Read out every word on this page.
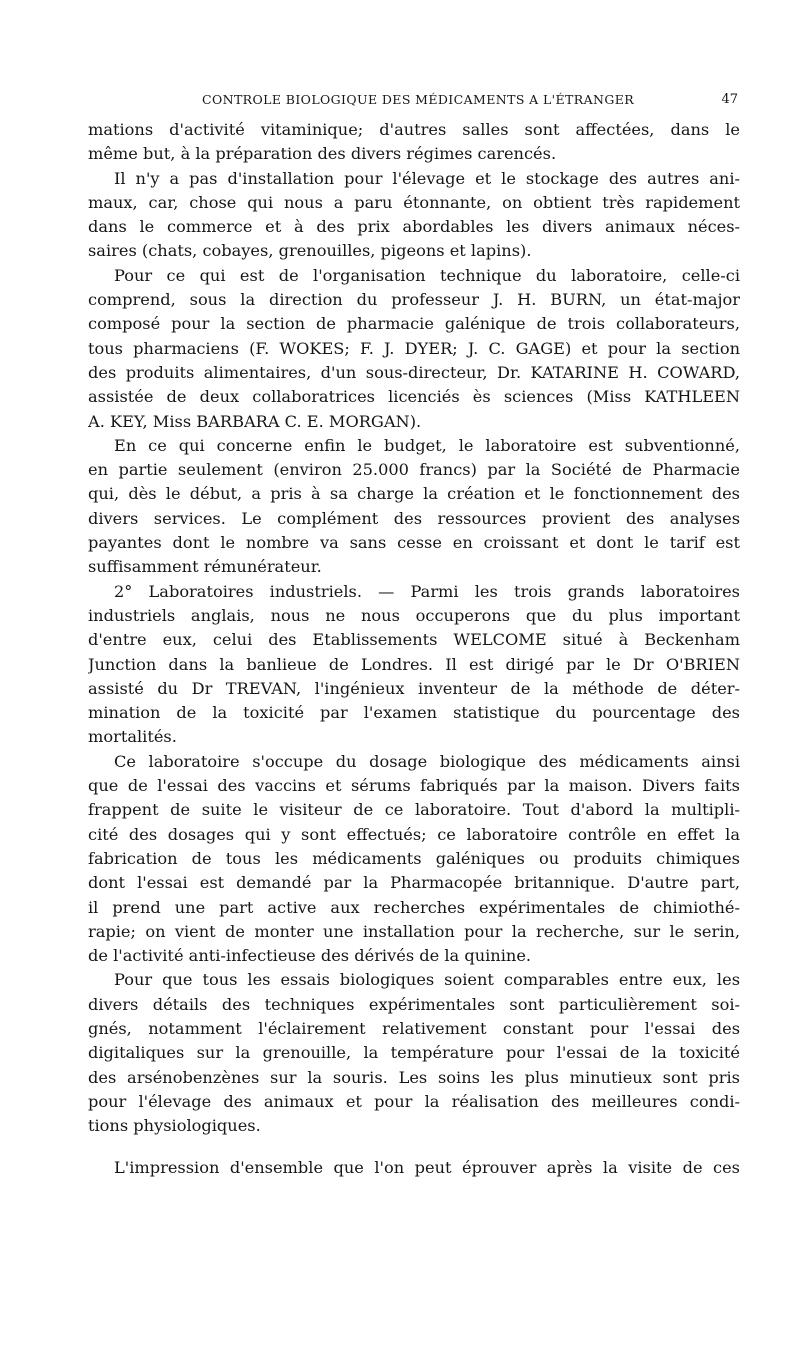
CONTROLE BIOLOGIQUE DES MÉDICAMENTS A L'ÉTRANGER	47
mations d'activité vitaminique; d'autres salles sont affectées, dans le
même but, à la préparation des divers régimes carencés.
Il n'y a pas d'installation pour l'élevage et le stockage des autres ani-
maux, car, chose qui nous a paru étonnante, on obtient très rapidement
dans le commerce et à des prix abordables les divers animaux néces-
saires (chats, cobayes, grenouilles, pigeons et lapins).
Pour ce qui est de l'organisation technique du laboratoire, celle-ci
comprend, sous la direction du professeur J. H. BURN, un état-major
composé pour la section de pharmacie galénique de trois collaborateurs,
tous pharmaciens (F. WOKES; F. J. DYER; J. C. GAGE) et pour la section
des produits alimentaires, d'un sous-directeur, Dr. KATARINE H. COWARD,
assistée de deux collaboratrices licenciés ès sciences (Miss KATHLEEN
A. KEY, Miss BARBARA C. E. MORGAN).
En ce qui concerne enfin le budget, le laboratoire est subventionné,
en partie seulement (environ 25.000 francs) par la Société de Pharmacie
qui, dès le début, a pris à sa charge la création et le fonctionnement des
divers services. Le complément des ressources provient des analyses
payantes dont le nombre va sans cesse en croissant et dont le tarif est
suffisamment rémunérateur.
2° Laboratoires industriels. — Parmi les trois grands laboratoires
industriels anglais, nous ne nous occuperons que du plus important
d'entre eux, celui des Etablissements WELCOME situé à Beckenham
Junction dans la banlieue de Londres. Il est dirigé par le Dr O'BRIEN
assisté du Dr TREVAN, l'ingénieux inventeur de la méthode de déter-
mination de la toxicité par l'examen statistique du pourcentage des
mortalités.
Ce laboratoire s'occupe du dosage biologique des médicaments ainsi
que de l'essai des vaccins et sérums fabriqués par la maison. Divers faits
frappent de suite le visiteur de ce laboratoire. Tout d'abord la multipli-
cité des dosages qui y sont effectués; ce laboratoire contrôle en effet la
fabrication de tous les médicaments galéniques ou produits chimiques
dont l'essai est demandé par la Pharmacopée britannique. D'autre part,
il prend une part active aux recherches expérimentales de chimiothé-
rapie; on vient de monter une installation pour la recherche, sur le serin,
de l'activité anti-infectieuse des dérivés de la quinine.
Pour que tous les essais biologiques soient comparables entre eux, les
divers détails des techniques expérimentales sont particulièrement soi-
gnés, notamment l'éclairement relativement constant pour l'essai des
digitaliques sur la grenouille, la température pour l'essai de la toxicité
des arsénobenzènes sur la souris. Les soins les plus minutieux sont pris
pour l'élevage des animaux et pour la réalisation des meilleures condi-
tions physiologiques.
L'impression d'ensemble que l'on peut éprouver après la visite de ces
